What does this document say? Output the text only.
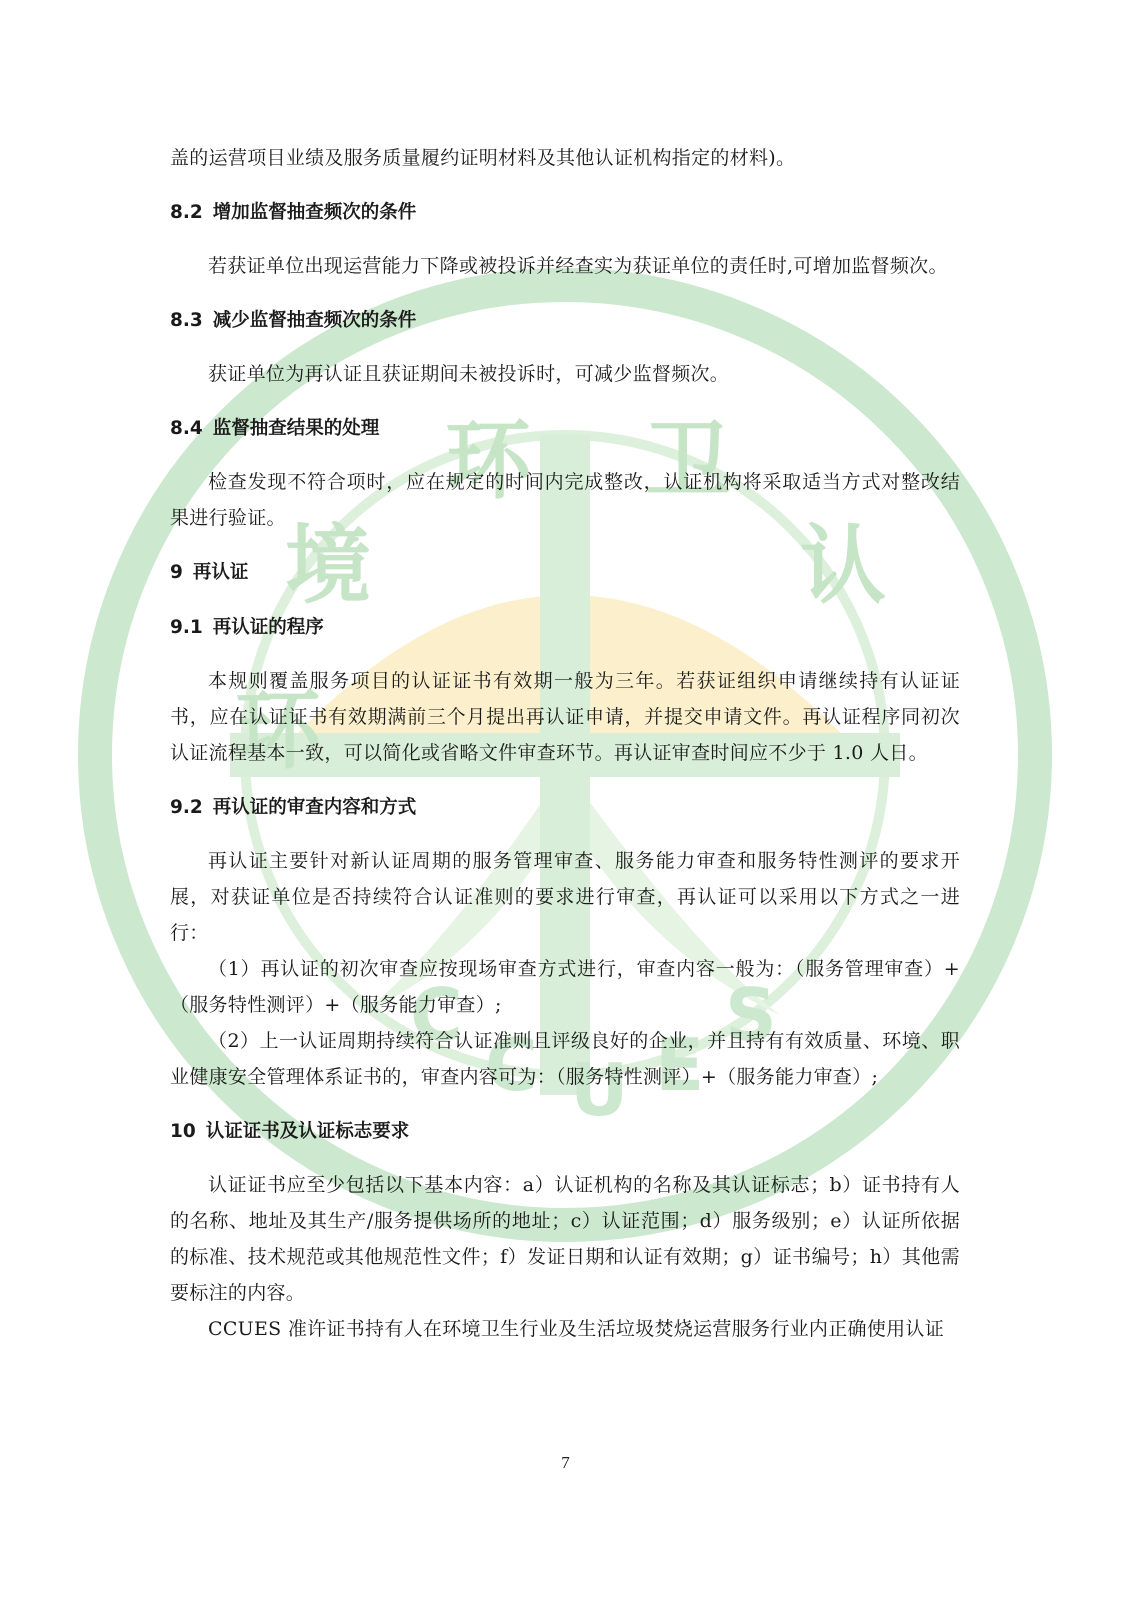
环
境
环 卫
认
C
C U E
S

盖的运营项目业绩及服务质量履约证明材料及其他认证机构指定的材料)。

8.2 增加监督抽查频次的条件

若获证单位出现运营能力下降或被投诉并经查实为获证单位的责任时,可增加监督频次。

8.3 减少监督抽查频次的条件

获证单位为再认证且获证期间未被投诉时，可减少监督频次。

8.4 监督抽查结果的处理

检查发现不符合项时，应在规定的时间内完成整改，认证机构将采取适当方式对整改结果进行验证。

9 再认证

9.1 再认证的程序

本规则覆盖服务项目的认证证书有效期一般为三年。若获证组织申请继续持有认证证书，应在认证证书有效期满前三个月提出再认证申请，并提交申请文件。再认证程序同初次认证流程基本一致，可以简化或省略文件审查环节。再认证审查时间应不少于 1.0 人日。

9.2 再认证的审查内容和方式

再认证主要针对新认证周期的服务管理审查、服务能力审查和服务特性测评的要求开展，对获证单位是否持续符合认证准则的要求进行审查，再认证可以采用以下方式之一进行：

（1）再认证的初次审查应按现场审查方式进行，审查内容一般为：（服务管理审查）+（服务特性测评）+（服务能力审查）;

（2）上一认证周期持续符合认证准则且评级良好的企业，并且持有有效质量、环境、职业健康安全管理体系证书的，审查内容可为：（服务特性测评）+（服务能力审查）;

10 认证证书及认证标志要求

认证证书应至少包括以下基本内容：a）认证机构的名称及其认证标志；b）证书持有人的名称、地址及其生产/服务提供场所的地址；c）认证范围；d）服务级别；e）认证所依据的标准、技术规范或其他规范性文件；f）发证日期和认证有效期；g）证书编号；h）其他需要标注的内容。

CCUES 准许证书持有人在环境卫生行业及生活垃圾焚烧运营服务行业内正确使用认证

7
